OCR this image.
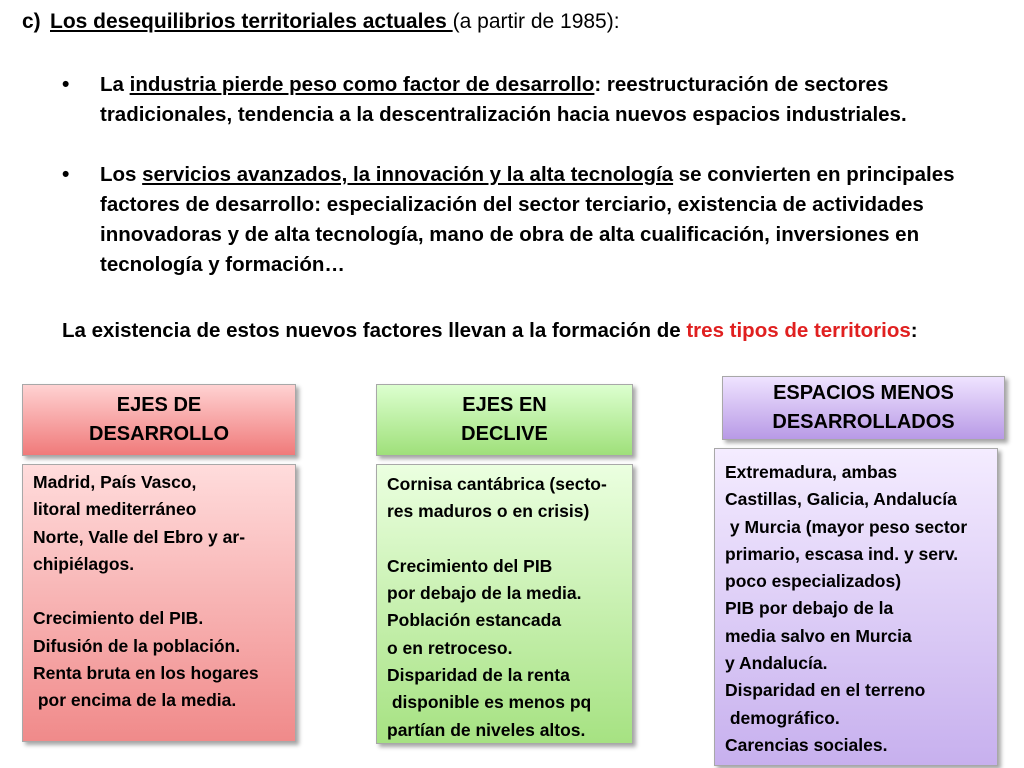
c) Los desequilibrios territoriales actuales (a partir de 1985):
•	La industria pierde peso como factor de desarrollo: reestructuración de sectores tradicionales, tendencia a la descentralización hacia nuevos espacios industriales.
•	Los servicios avanzados, la innovación y la alta tecnología se convierten en principales factores de desarrollo: especialización del sector terciario, existencia de actividades innovadoras y de alta tecnología, mano de obra de alta cualificación, inversiones en tecnología y formación…
La existencia de estos nuevos factores llevan a la formación de tres tipos de territorios:
EJES DE
DESARROLLO
Madrid, País Vasco,
litoral mediterráneo
Norte, Valle del Ebro y ar-
chipiélagos.
Crecimiento del PIB.
Difusión de la población.
Renta bruta en los hogares
por encima de la media.
EJES EN
DECLIVE
Cornisa cantábrica (secto-
res maduros o en crisis)
Crecimiento del PIB
por debajo de la media.
Población estancada
o en retroceso.
Disparidad de la renta
disponible es menos pq
partían de niveles altos.
ESPACIOS MENOS
DESARROLLADOS
Extremadura, ambas
Castillas, Galicia, Andalucía
y Murcia (mayor peso sector
primario, escasa ind. y serv.
poco especializados)
PIB por debajo de la
media salvo en Murcia
y Andalucía.
Disparidad en el terreno
demográfico.
Carencias sociales.
